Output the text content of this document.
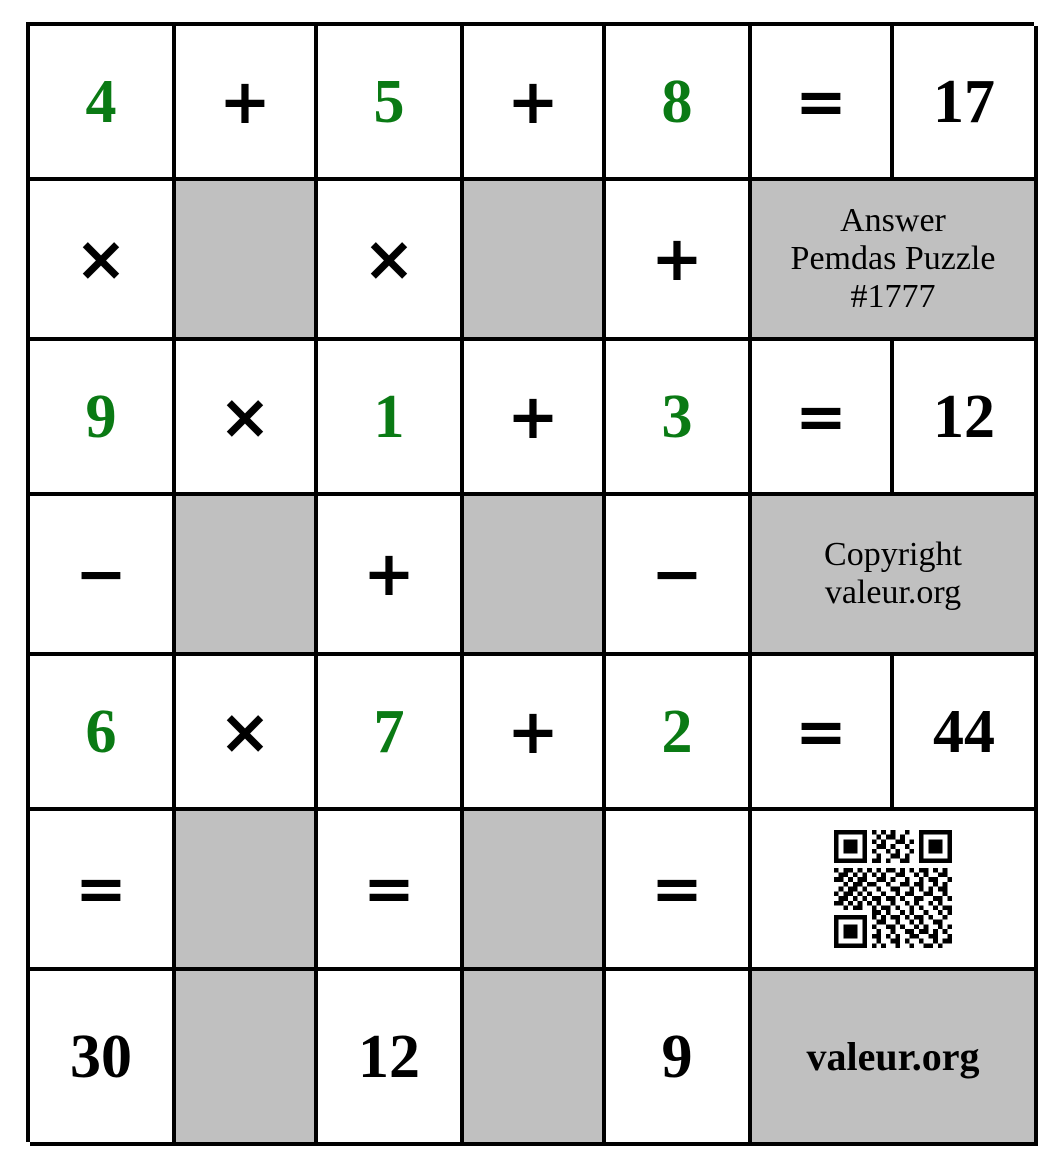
4 + 5 + 8 = 17
×	×	+
Answer
Pemdas Puzzle
#1777
9 × 1 + 3 = 12
−	+	−	Copyright
valeur.org
6 × 7 + 2 = 44
=	=	=
30	12	9	valeur.org
